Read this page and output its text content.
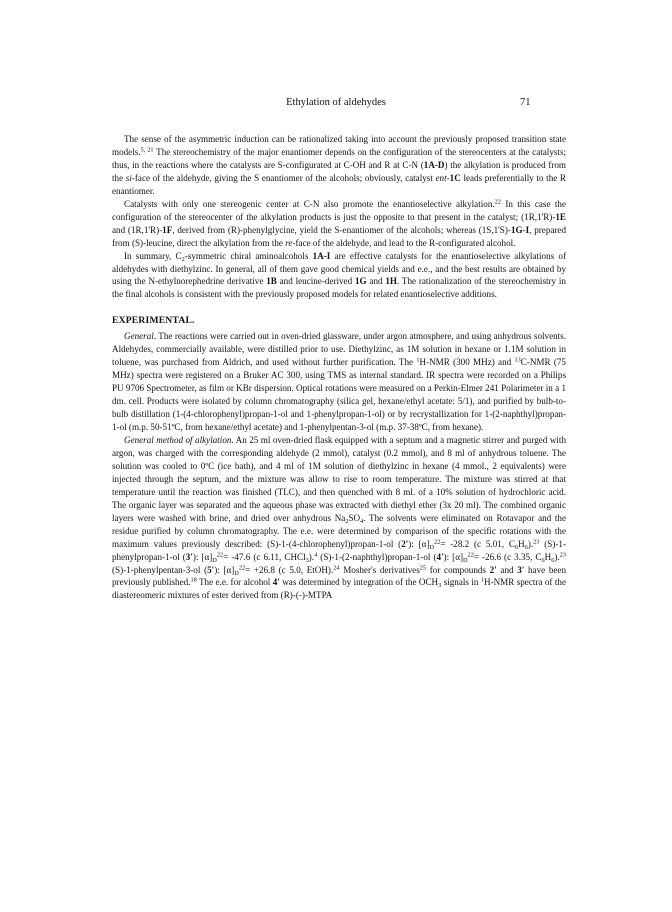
Ethylation of aldehydes	71

The sense of the asymmetric induction can be rationalized taking into account the previously proposed transition state models.$^{5, 21}$ The stereochemistry of the major enantiomer depends on the configuration of the stereocenters at the catalysts; thus, in the reactions where the catalysts are S-configurated at C-OH and R at C-N (1A-D) the alkylation is produced from the si-face of the aldehyde, giving the S enantiomer of the alcohols; obviously, catalyst ent-1C leads preferentially to the R enantiomer.

Catalysts with only one stereogenic center at C-N also promote the enantioselective alkylation.$^{22}$ In this case the configuration of the stereocenter of the alkylation products is just the opposite to that present in the catalyst; (1R,1'R)-1E and (1R,1'R)-1F, derived from (R)-phenylglycine, yield the S-enantiomer of the alcohols; whereas (1S,1'S)-1G-I, prepared from (S)-leucine, direct the alkylation from the re-face of the aldehyde, and lead to the R-configurated alcohol.

In summary, $C_2$-symmetric chiral aminoalcohols 1A-I are effective catalysts for the enantioselective alkylations of aldehydes with diethylzinc. In general, all of them gave good chemical yields and e.e., and the best results are obtained by using the N-ethylnorephedrine derivative 1B and leucine-derived 1G and 1H. The rationalization of the stereochemistry in the final alcohols is consistent with the previously proposed models for related enantioselective additions.

EXPERIMENTAL.

General. The reactions were carried out in oven-dried glassware, under argon atmosphere, and using anhydrous solvents. Aldehydes, commercially available, were distilled prior to use. Diethylzinc, as 1M solution in hexane or 1.1M solution in toluene, was purchased from Aldrich, and used without further purification. The $^1$H-NMR (300 MHz) and $^{13}$C-NMR (75 MHz) spectra were registered on a Bruker AC 300, using TMS as internal standard. IR spectra were recorded on a Philips PU 9706 Spectrometer, as film or KBr dispersion. Optical rotations were measured on a Perkin-Elmer 241 Polarimeter in a 1 dm. cell. Products were isolated by column chromatography (silica gel, hexane/ethyl acetate: 5/1), and purified by bulb-to-bulb distillation (1-(4-chlorophenyl)propan-1-ol and 1-phenylpropan-1-ol) or by recrystallization for 1-(2-naphthyl)propan-1-ol (m.p. 50-51ºC, from hexane/ethyl acetate) and 1-phenylpentan-3-ol (m.p. 37-38ºC, from hexane).

General method of alkylation. An 25 ml oven-dried flask equipped with a septum and a magnetic stirrer and purged with argon, was charged with the corresponding aldehyde (2 mmol), catalyst (0.2 mmol), and 8 ml of anhydrous toluene. The solution was cooled to 0ºC (ice bath), and 4 ml of 1M solution of diethylzinc in hexane (4 mmol., 2 equivalents) were injected through the septum, and the mixture was allow to rise to room temperature. The mixture was stirred at that temperature until the reaction was finished (TLC), and then quenched with 8 ml. of a 10% solution of hydrochloric acid. The organic layer was separated and the aqueous phase was extracted with diethyl ether (3x 20 ml). The combined organic layers were washed with brine, and dried over anhydrous $Na_2SO_4$. The solvents were eliminated on Rotavapor and the residue purified by column chromatography. The e.e. were determined by comparison of the specific rotations with the maximum values previously described: (S)-1-(4-chlorophenyl)propan-1-ol (2'): $[\alpha]_D^{22}= -28.2$ (c 5.01, $C_6H_6).^{23}$ (S)-1-phenylpropan-1-ol (3'): $[\alpha]_D^{22}= -47.6$ (c 6.11, CHCl$_3$).$^4$ (S)-1-(2-naphthyl)propan-1-ol (4'): $[\alpha]_D^{22}= -26.6$ (c 3.35, $C_6H_6).^{23}$ (S)-1-phenylpentan-3-ol (5'): $[\alpha]_D^{22}= +26.8$ (c 5.0, EtOH).$^{24}$ Mosher's derivatives$^{25}$ for compounds 2' and 3' have been previously published.$^{18}$ The e.e. for alcohol 4' was determined by integration of the $OCH_3$ signals in $^1$H-NMR spectra of the diastereomeric mixtures of ester derived from (R)-(-)-MTPA
